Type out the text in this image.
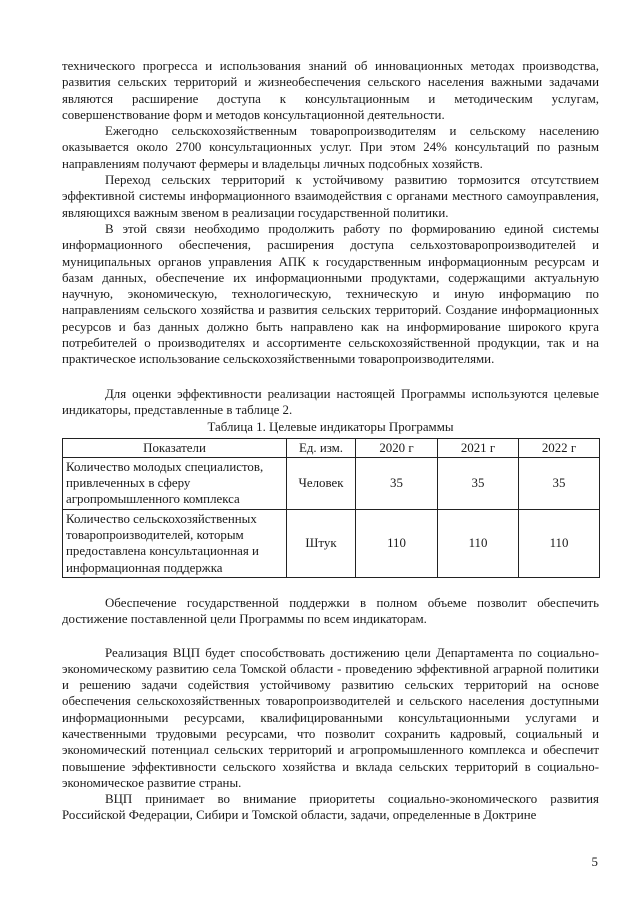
технического прогресса и использования знаний об инновационных методах производства, развития сельских территорий и жизнеобеспечения сельского населения важными задачами являются расширение доступа к консультационным и методическим услугам, совершенствование форм и методов консультационной деятельности.

Ежегодно сельскохозяйственным товаропроизводителям и сельскому населению оказывается около 2700 консультационных услуг. При этом 24% консультаций по разным направлениям получают фермеры и владельцы личных подсобных хозяйств.

Переход сельских территорий к устойчивому развитию тормозится отсутствием эффективной системы информационного взаимодействия с органами местного самоуправления, являющихся важным звеном в реализации государственной политики.

В этой связи необходимо продолжить работу по формированию единой системы информационного обеспечения, расширения доступа сельхозтоваропроизводителей и муниципальных органов управления АПК к государственным информационным ресурсам и базам данных, обеспечение их информационными продуктами, содержащими актуальную научную, экономическую, технологическую, техническую и иную информацию по направлениям сельского хозяйства и развития сельских территорий. Создание информационных ресурсов и баз данных должно быть направлено как на информирование широкого круга потребителей о производителях и ассортименте сельскохозяйственной продукции, так и на практическое использование сельскохозяйственными товаропроизводителями.

Для оценки эффективности реализации настоящей Программы используются целевые индикаторы, представленные в таблице 2.

Таблица 1. Целевые индикаторы Программы

Показатели	Ед. изм.	2020 г	2021 г	2022 г
Количество молодых специалистов, привлеченных в сферу агропромышленного комплекса	Человек	35	35	35
Количество сельскохозяйственных товаропроизводителей, которым предоставлена консультационная и информационная поддержка	Штук	110	110	110

Обеспечение государственной поддержки в полном объеме позволит обеспечить достижение поставленной цели Программы по всем индикаторам.

Реализация ВЦП будет способствовать достижению цели Департамента по социально-экономическому развитию села Томской области - проведению эффективной аграрной политики и решению задачи содействия устойчивому развитию сельских территорий на основе обеспечения сельскохозяйственных товаропроизводителей и сельского населения доступными информационными ресурсами, квалифицированными консультационными услугами и качественными трудовыми ресурсами, что позволит сохранить кадровый, социальный и экономический потенциал сельских территорий и агропромышленного комплекса и обеспечит повышение эффективности сельского хозяйства и вклада сельских территорий в социально-экономическое развитие страны.

ВЦП принимает во внимание приоритеты социально-экономического развития Российской Федерации, Сибири и Томской области, задачи, определенные в Доктрине

5
